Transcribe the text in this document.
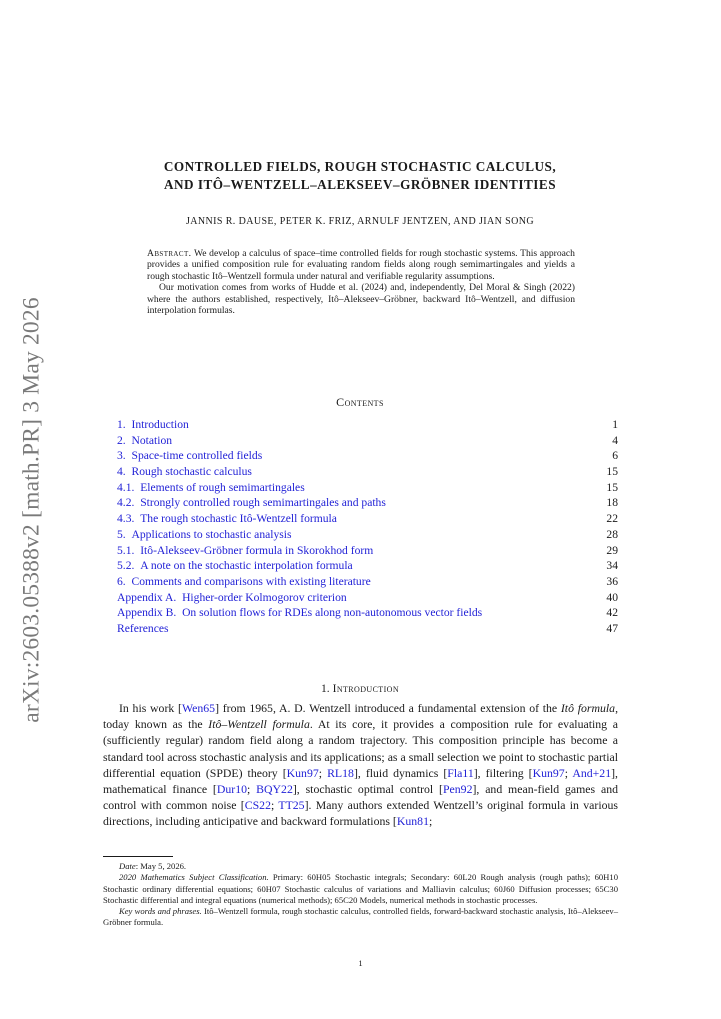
arXiv:2603.05388v2 [math.PR] 3 May 2026
CONTROLLED FIELDS, ROUGH STOCHASTIC CALCULUS,
AND ITÔ–WENTZELL–ALEKSEEV–GRÖBNER IDENTITIES
JANNIS R. DAUSE, PETER K. FRIZ, ARNULF JENTZEN, AND JIAN SONG

Abstract. We develop a calculus of space–time controlled fields for rough stochastic systems. This approach provides a unified composition rule for evaluating random fields along rough semimartingales and yields a rough stochastic Itô–Wentzell formula under natural and verifiable regularity assumptions.

Our motivation comes from works of Hudde et al. (2024) and, independently, Del Moral & Singh (2022) where the authors established, respectively, Itô–Alekseev–Gröbner, backward Itô–Wentzell, and diffusion interpolation formulas.

Contents
1. Introduction	1
2. Notation	4
3. Space-time controlled fields	6
4. Rough stochastic calculus	15
4.1. Elements of rough semimartingales	15
4.2. Strongly controlled rough semimartingales and paths	18
4.3. The rough stochastic Itô-Wentzell formula	22
5. Applications to stochastic analysis	28
5.1. Itô-Alekseev-Gröbner formula in Skorokhod form	29
5.2. A note on the stochastic interpolation formula	34
6. Comments and comparisons with existing literature	36
Appendix A. Higher-order Kolmogorov criterion	40
Appendix B. On solution flows for RDEs along non-autonomous vector fields	42
References	47
1. Introduction

In his work [Wen65] from 1965, A. D. Wentzell introduced a fundamental extension of the Itô formula, today known as the Itô–Wentzell formula. At its core, it provides a composition rule for evaluating a (sufficiently regular) random field along a random trajectory. This composition principle has become a standard tool across stochastic analysis and its applications; as a small selection we point to stochastic partial differential equation (SPDE) theory [Kun97; RL18], fluid dynamics [Fla11], filtering [Kun97; And+21], mathematical finance [Dur10; BQY22], stochastic optimal control [Pen92], and mean-field games and control with common noise [CS22; TT25]. Many authors extended Wentzell’s original formula in various directions, including anticipative and backward formulations [Kun81;

Date: May 5, 2026.

2020 Mathematics Subject Classification. Primary: 60H05 Stochastic integrals; Secondary: 60L20 Rough analysis (rough paths); 60H10 Stochastic ordinary differential equations; 60H07 Stochastic calculus of variations and Malliavin calculus; 60J60 Diffusion processes; 65C30 Stochastic differential and integral equations (numerical methods); 65C20 Models, numerical methods in stochastic processes.

Key words and phrases. Itô–Wentzell formula, rough stochastic calculus, controlled fields, forward-backward stochastic analysis, Itô–Alekseev–Gröbner formula.

1
